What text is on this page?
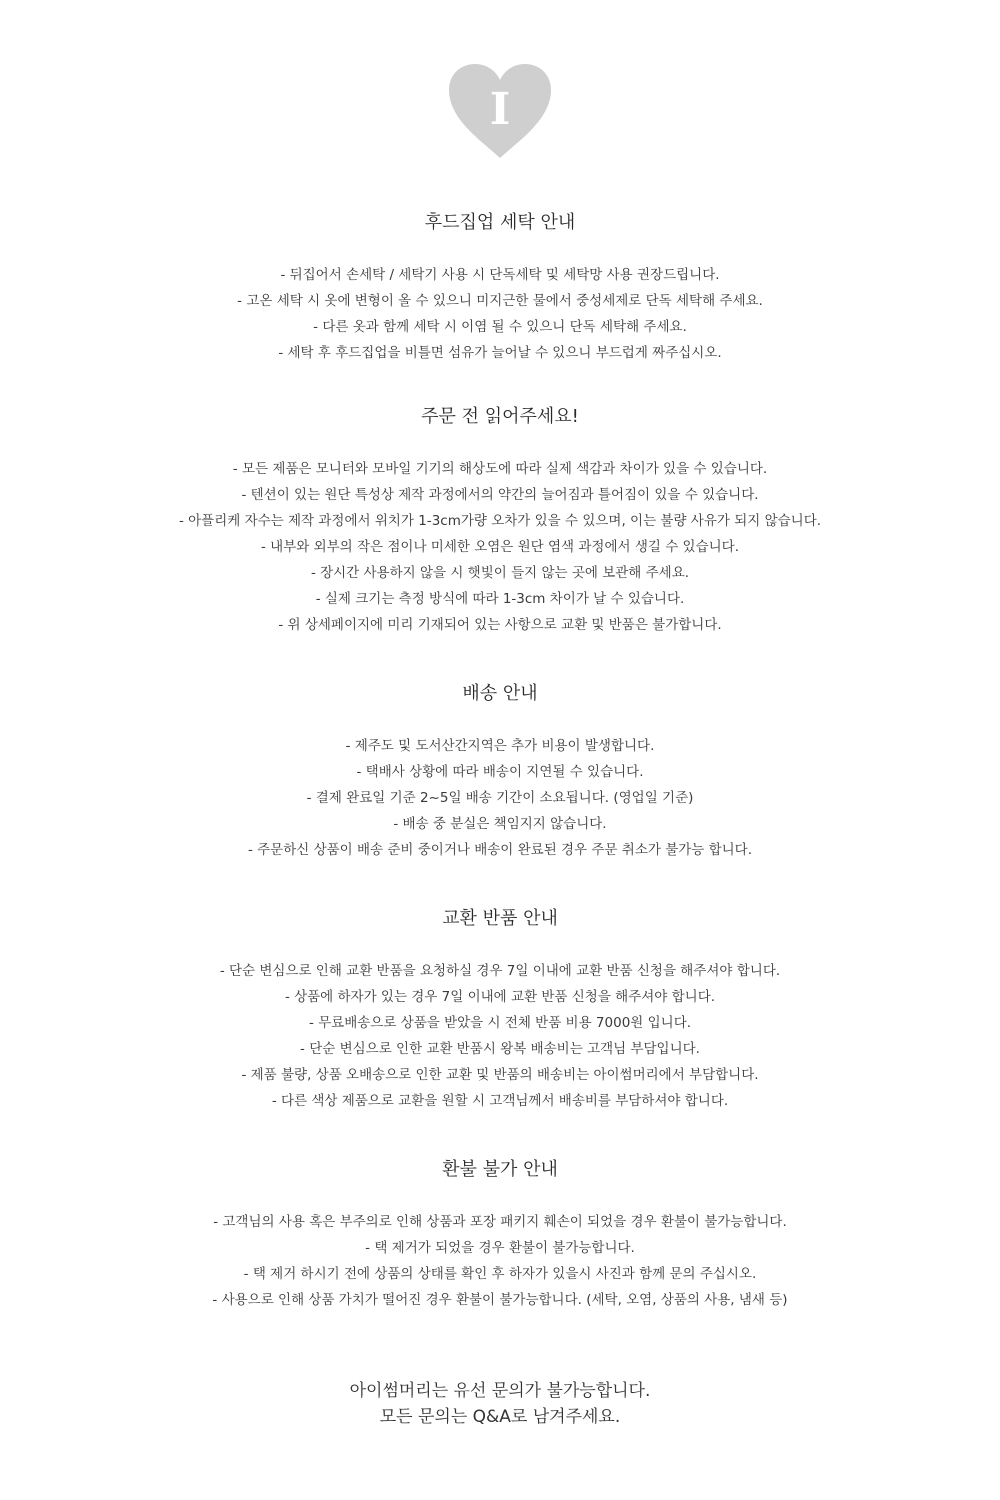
I
후드집업 세탁 안내
- 뒤집어서 손세탁 / 세탁기 사용 시 단독세탁 및 세탁망 사용 권장드립니다.
- 고온 세탁 시 옷에 변형이 올 수 있으니 미지근한 물에서 중성세제로 단독 세탁해 주세요.
- 다른 옷과 함께 세탁 시 이염 될 수 있으니 단독 세탁해 주세요.
- 세탁 후 후드집업을 비틀면 섬유가 늘어날 수 있으니 부드럽게 짜주십시오.
주문 전 읽어주세요!
- 모든 제품은 모니터와 모바일 기기의 해상도에 따라 실제 색감과 차이가 있을 수 있습니다.
- 텐션이 있는 원단 특성상 제작 과정에서의 약간의 늘어짐과 틀어짐이 있을 수 있습니다.
- 아플리케 자수는 제작 과정에서 위치가 1-3cm가량 오차가 있을 수 있으며, 이는 불량 사유가 되지 않습니다.
- 내부와 외부의 작은 점이나 미세한 오염은 원단 염색 과정에서 생길 수 있습니다.
- 장시간 사용하지 않을 시 햇빛이 들지 않는 곳에 보관해 주세요.
- 실제 크기는 측정 방식에 따라 1-3cm 차이가 날 수 있습니다.
- 위 상세페이지에 미리 기재되어 있는 사항으로 교환 및 반품은 불가합니다.
배송 안내
- 제주도 및 도서산간지역은 추가 비용이 발생합니다.
- 택배사 상황에 따라 배송이 지연될 수 있습니다.
- 결제 완료일 기준 2~5일 배송 기간이 소요됩니다. (영업일 기준)
- 배송 중 분실은 책임지지 않습니다.
- 주문하신 상품이 배송 준비 중이거나 배송이 완료된 경우 주문 취소가 불가능 합니다.
교환 반품 안내
- 단순 변심으로 인해 교환 반품을 요청하실 경우 7일 이내에 교환 반품 신청을 해주셔야 합니다.
- 상품에 하자가 있는 경우 7일 이내에 교환 반품 신청을 해주셔야 합니다.
- 무료배송으로 상품을 받았을 시 전체 반품 비용 7000원 입니다.
- 단순 변심으로 인한 교환 반품시 왕복 배송비는 고객님 부담입니다.
- 제품 불량, 상품 오배송으로 인한 교환 및 반품의 배송비는 아이썸머리에서 부담합니다.
- 다른 색상 제품으로 교환을 원할 시 고객님께서 배송비를 부담하셔야 합니다.
환불 불가 안내
- 고객님의 사용 혹은 부주의로 인해 상품과 포장 패키지 훼손이 되었을 경우 환불이 불가능합니다.
- 택 제거가 되었을 경우 환불이 불가능합니다.
- 택 제거 하시기 전에 상품의 상태를 확인 후 하자가 있을시 사진과 함께 문의 주십시오.
- 사용으로 인해 상품 가치가 떨어진 경우 환불이 불가능합니다. (세탁, 오염, 상품의 사용, 냄새 등)

아이썸머리는 유선 문의가 불가능합니다.

모든 문의는 Q&A로 남겨주세요.
